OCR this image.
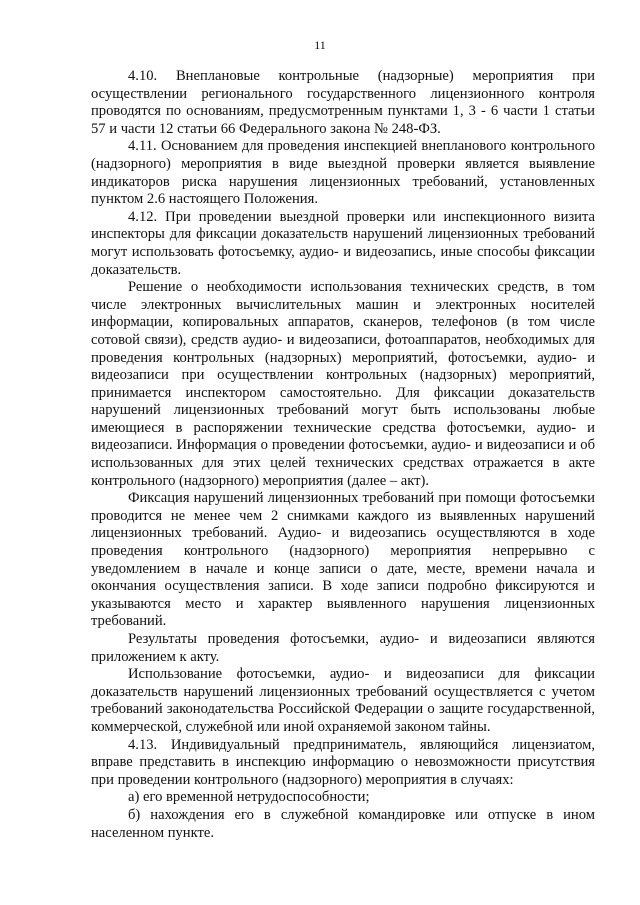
11

4.10. Внеплановые контрольные (надзорные) мероприятия при осуществлении регионального государственного лицензионного контроля проводятся по основаниям, предусмотренным пунктами 1, 3 - 6 части 1 статьи 57 и части 12 статьи 66 Федерального закона № 248-ФЗ.

4.11. Основанием для проведения инспекцией внепланового контрольного (надзорного) мероприятия в виде выездной проверки является выявление индикаторов риска нарушения лицензионных требований, установленных пунктом 2.6 настоящего Положения.

4.12. При проведении выездной проверки или инспекционного визита инспекторы для фиксации доказательств нарушений лицензионных требований могут использовать фотосъемку, аудио- и видеозапись, иные способы фиксации доказательств.

Решение о необходимости использования технических средств, в том числе электронных вычислительных машин и электронных носителей информации, копировальных аппаратов, сканеров, телефонов (в том числе сотовой связи), средств аудио- и видеозаписи, фотоаппаратов, необходимых для проведения контрольных (надзорных) мероприятий, фотосъемки, аудио- и видеозаписи при осуществлении контрольных (надзорных) мероприятий, принимается инспектором самостоятельно. Для фиксации доказательств нарушений лицензионных требований могут быть использованы любые имеющиеся в распоряжении технические средства фотосъемки, аудио- и видеозаписи. Информация о проведении фотосъемки, аудио- и видеозаписи и об использованных для этих целей технических средствах отражается в акте контрольного (надзорного) мероприятия (далее – акт).

Фиксация нарушений лицензионных требований при помощи фотосъемки проводится не менее чем 2 снимками каждого из выявленных нарушений лицензионных требований. Аудио- и видеозапись осуществляются в ходе проведения контрольного (надзорного) мероприятия непрерывно с уведомлением в начале и конце записи о дате, месте, времени начала и окончания осуществления записи. В ходе записи подробно фиксируются и указываются место и характер выявленного нарушения лицензионных требований.

Результаты проведения фотосъемки, аудио- и видеозаписи являются приложением к акту.

Использование фотосъемки, аудио- и видеозаписи для фиксации доказательств нарушений лицензионных требований осуществляется с учетом требований законодательства Российской Федерации о защите государственной, коммерческой, служебной или иной охраняемой законом тайны.

4.13. Индивидуальный предприниматель, являющийся лицензиатом, вправе представить в инспекцию информацию о невозможности присутствия при проведении контрольного (надзорного) мероприятия в случаях:

а) его временной нетрудоспособности;

б) нахождения его в служебной командировке или отпуске в ином населенном пункте.
